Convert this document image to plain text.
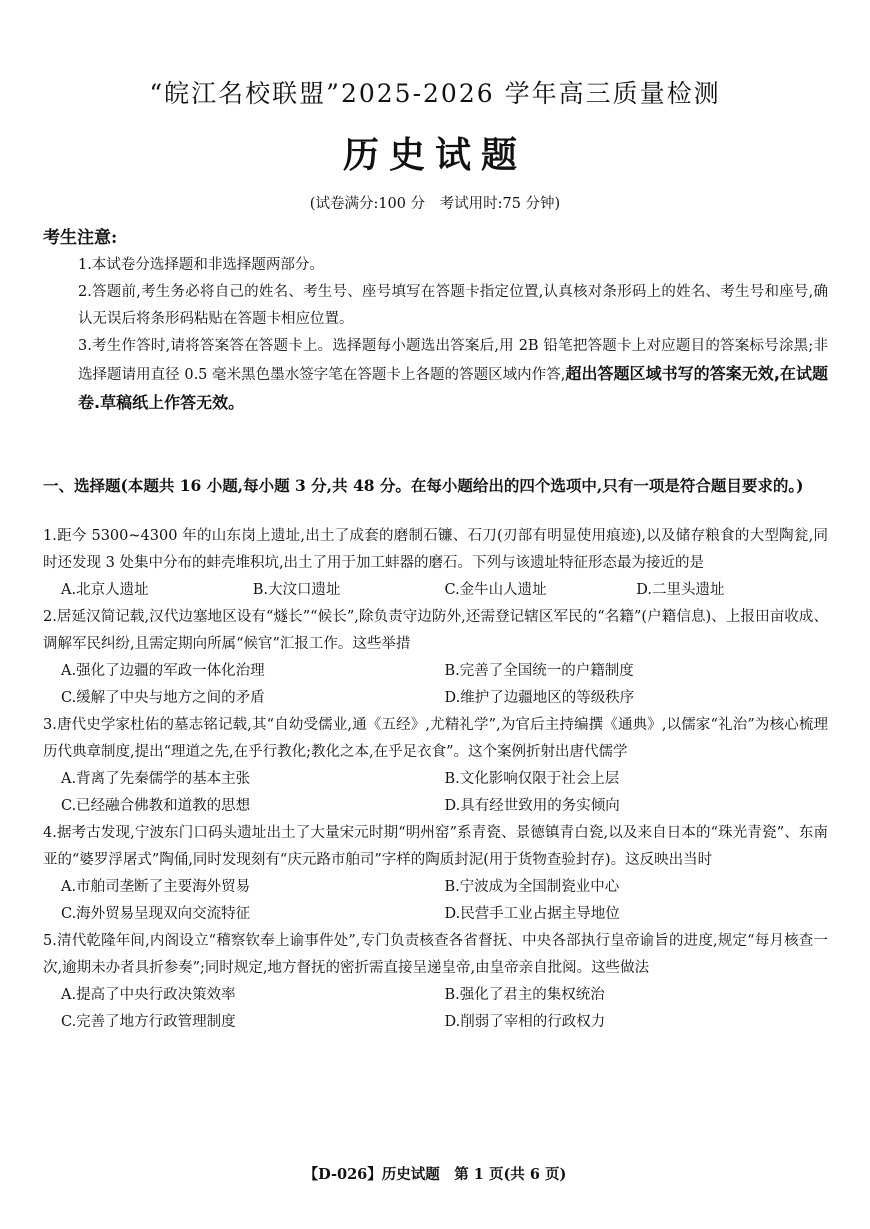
“皖江名校联盟”2025-2026 学年高三质量检测
历史试题
(试卷满分:100 分　考试用时:75 分钟)
考生注意:
1.本试卷分选择题和非选择题两部分。
2.答题前,考生务必将自己的姓名、考生号、座号填写在答题卡指定位置,认真核对条形码上的姓名、考生号和座号,确认无误后将条形码粘贴在答题卡相应位置。
3.考生作答时,请将答案答在答题卡上。选择题每小题选出答案后,用 2B 铅笔把答题卡上对应题目的答案标号涂黑;非选择题请用直径 0.5 毫米黑色墨水签字笔在答题卡上各题的答题区域内作答,超出答题区域书写的答案无效,在试题卷.草稿纸上作答无效。
一、选择题(本题共 16 小题,每小题 3 分,共 48 分。在每小题给出的四个选项中,只有一项是符合题目要求的。)
1.距今 5300~4300 年的山东岗上遗址,出土了成套的磨制石镰、石刀(刃部有明显使用痕迹),以及储存粮食的大型陶瓮,同时还发现 3 处集中分布的蚌壳堆积坑,出土了用于加工蚌器的磨石。下列与该遗址特征形态最为接近的是
A.北京人遗址	B.大汶口遗址	C.金牛山人遗址	D.二里头遗址
2.居延汉简记载,汉代边塞地区设有“燧长”“候长”,除负责守边防外,还需登记辖区军民的“名籍”(户籍信息)、上报田亩收成、调解军民纠纷,且需定期向所属“候官”汇报工作。这些举措
A.强化了边疆的军政一体化治理	B.完善了全国统一的户籍制度
C.缓解了中央与地方之间的矛盾	D.维护了边疆地区的等级秩序
3.唐代史学家杜佑的墓志铭记载,其“自幼受儒业,通《五经》,尤精礼学”,为官后主持编撰《通典》,以儒家“礼治”为核心梳理历代典章制度,提出“理道之先,在乎行教化;教化之本,在乎足衣食”。这个案例折射出唐代儒学
A.背离了先秦儒学的基本主张	B.文化影响仅限于社会上层
C.已经融合佛教和道教的思想	D.具有经世致用的务实倾向
4.据考古发现,宁波东门口码头遗址出土了大量宋元时期“明州窑”系青瓷、景德镇青白瓷,以及来自日本的“珠光青瓷”、东南亚的“婆罗浮屠式”陶俑,同时发现刻有“庆元路市舶司”字样的陶质封泥(用于货物查验封存)。这反映出当时
A.市舶司垄断了主要海外贸易	B.宁波成为全国制瓷业中心
C.海外贸易呈现双向交流特征	D.民营手工业占据主导地位
5.清代乾隆年间,内阁设立“稽察钦奉上谕事件处”,专门负责核查各省督抚、中央各部执行皇帝谕旨的进度,规定“每月核查一次,逾期未办者具折参奏”;同时规定,地方督抚的密折需直接呈递皇帝,由皇帝亲自批阅。这些做法
A.提高了中央行政决策效率	B.强化了君主的集权统治
C.完善了地方行政管理制度	D.削弱了宰相的行政权力
【D-026】历史试题　第 1 页(共 6 页)
